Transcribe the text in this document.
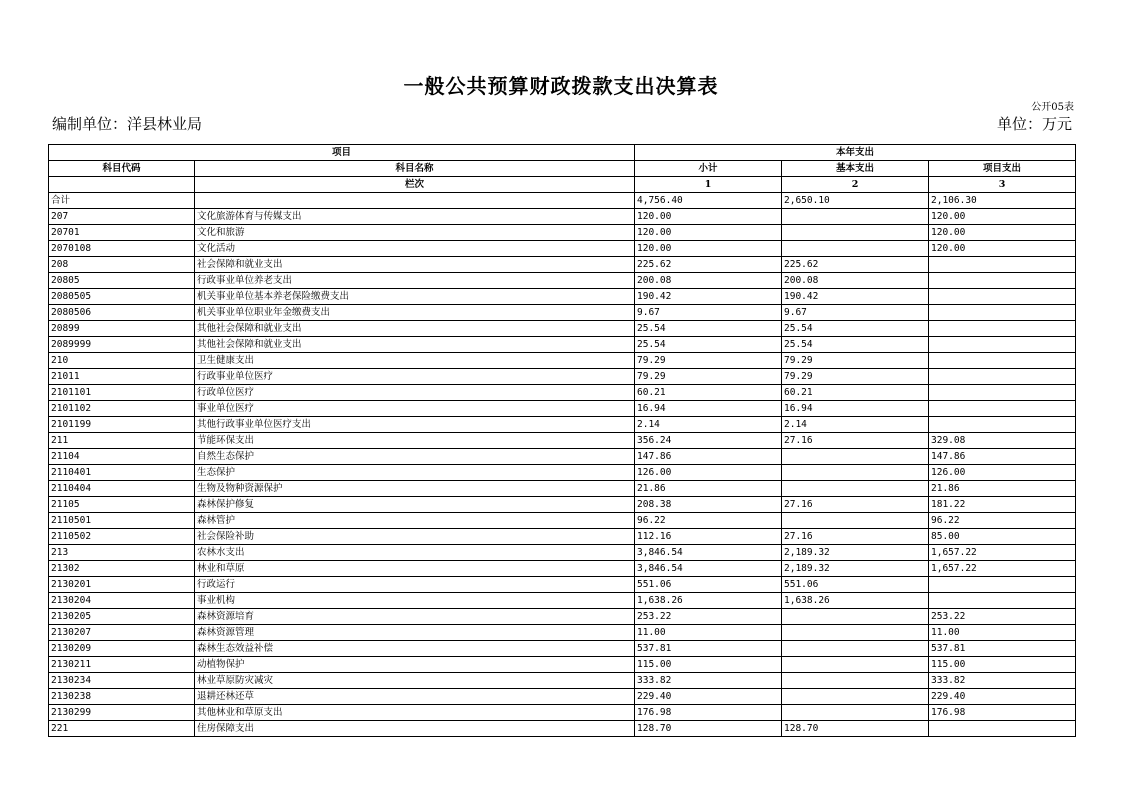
一般公共预算财政拨款支出决算表
公开05表
编制单位：洋县林业局	单位：万元
项目		本年支出		
科目代码	科目名称	小计	基本支出	项目支出
	栏次	1	2	3
合计		4,756.40	2,650.10	2,106.30
207	文化旅游体育与传媒支出	120.00		120.00
20701	文化和旅游	120.00		120.00
2070108	文化活动	120.00		120.00
208	社会保障和就业支出	225.62	225.62	
20805	行政事业单位养老支出	200.08	200.08	
2080505	机关事业单位基本养老保险缴费支出	190.42	190.42	
2080506	机关事业单位职业年金缴费支出	9.67	9.67	
20899	其他社会保障和就业支出	25.54	25.54	
2089999	其他社会保障和就业支出	25.54	25.54	
210	卫生健康支出	79.29	79.29	
21011	行政事业单位医疗	79.29	79.29	
2101101	行政单位医疗	60.21	60.21	
2101102	事业单位医疗	16.94	16.94	
2101199	其他行政事业单位医疗支出	2.14	2.14	
211	节能环保支出	356.24	27.16	329.08
21104	自然生态保护	147.86		147.86
2110401	生态保护	126.00		126.00
2110404	生物及物种资源保护	21.86		21.86
21105	森林保护修复	208.38	27.16	181.22
2110501	森林管护	96.22		96.22
2110502	社会保险补助	112.16	27.16	85.00
213	农林水支出	3,846.54	2,189.32	1,657.22
21302	林业和草原	3,846.54	2,189.32	1,657.22
2130201	行政运行	551.06	551.06	
2130204	事业机构	1,638.26	1,638.26	
2130205	森林资源培育	253.22		253.22
2130207	森林资源管理	11.00		11.00
2130209	森林生态效益补偿	537.81		537.81
2130211	动植物保护	115.00		115.00
2130234	林业草原防灾减灾	333.82		333.82
2130238	退耕还林还草	229.40		229.40
2130299	其他林业和草原支出	176.98		176.98
221	住房保障支出	128.70	128.70	
